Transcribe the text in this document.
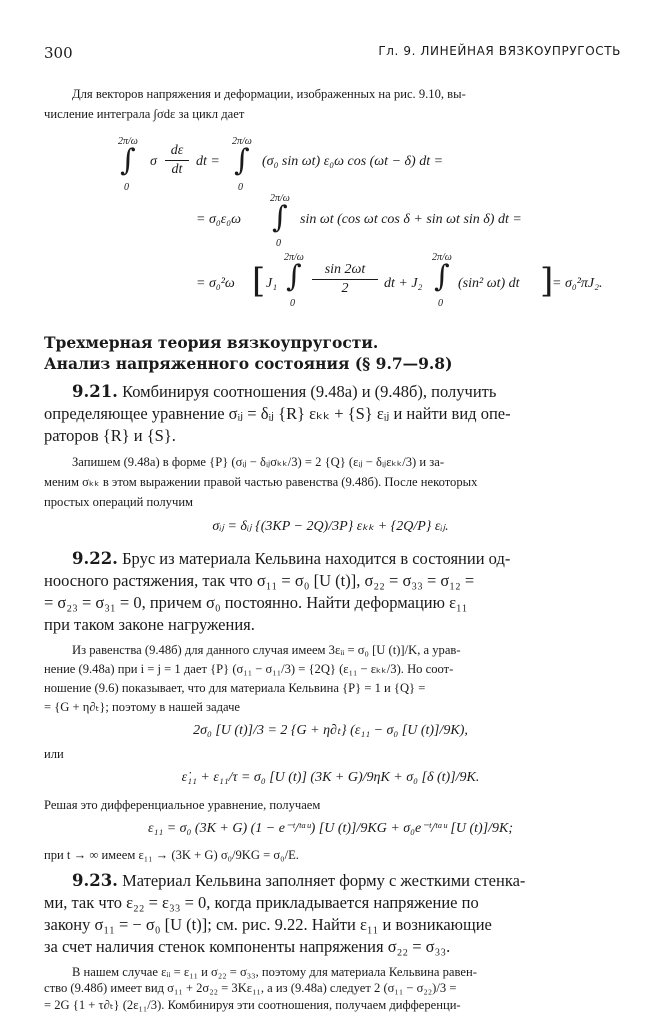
300	Гл. 9. ЛИНЕЙНАЯ ВЯЗКОУПРУГОСТЬ
Для векторов напряжения и деформации, изображенных на рис. 9.10, вы-
числение интеграла ∫σdε за цикл дает
2π/ω
∫
0
σ
dε
dt
dt =
2π/ω
∫
0
(σ₀ sin ωt) ε₀ω cos (ωt − δ) dt =
= σ₀ε₀ω
2π/ω
∫
0
sin ωt (cos ωt cos δ + sin ωt sin δ) dt =
= σ₀²ω [ J₁
2π/ω
∫
0
sin 2ωt
2	dt + J₂
2π/ω
∫
0
(sin² ωt) dt ]
= σ₀²πJ₂.
Трехмерная теория вязкоупругости.
Анализ напряженного состояния (§ 9.7—9.8)
9.21. Комбинируя соотношения (9.48a) и (9.48б), получить
определяющее уравнение σᵢⱼ = δᵢⱼ {R} εₖₖ + {S} εᵢⱼ и найти вид опе-
раторов {R} и {S}.
Запишем (9.48a) в форме {P} (σᵢⱼ − δᵢⱼσₖₖ/3) = 2 {Q} (εᵢⱼ − δᵢⱼεₖₖ/3) и за-
меним σₖₖ в этом выражении правой частью равенства (9.48б). После некоторых
простых операций получим
σᵢⱼ = δᵢⱼ {(3KP − 2Q)/3P} εₖₖ + {2Q/P} εᵢⱼ.
9.22. Брус из материала Кельвина находится в состоянии од-
ноосного растяжения, так что σ₁₁ = σ₀ [U (t)], σ₂₂ = σ₃₃ = σ₁₂ =
= σ₂₃ = σ₃₁ = 0, причем σ₀ постоянно. Найти деформацию ε₁₁
при таком законе нагружения.
Из равенства (9.48б) для данного случая имеем 3εᵢᵢ = σ₀ [U (t)]/K, а урав-
нение (9.48a) при i = j = 1 дает {P} (σ₁₁ − σ₁₁/3) = {2Q} (ε₁₁ − εₖₖ/3). Но соот-
ношение (9.6) показывает, что для материала Кельвина {P} = 1 и {Q} =
= {G + η∂ₜ}; поэтому в нашей задаче
2σ₀ [U (t)]/3 = 2 {G + η∂ₜ} (ε₁₁ − σ₀ [U (t)]/9K),
или
ε̇₁₁ + ε₁₁/τ = σ₀ [U (t)] (3K + G)/9ηK + σ₀ [δ (t)]/9K.
Решая это дифференциальное уравнение, получаем
ε₁₁ = σ₀ (3K + G) (1 − e⁻ᵗ/ᵗᵃᵘ) [U (t)]/9KG + σ₀e⁻ᵗ/ᵗᵃᵘ [U (t)]/9K;
при t → ∞ имеем ε₁₁ → (3K + G) σ₀/9KG = σ₀/E.
9.23. Материал Кельвина заполняет форму с жесткими стенка-
ми, так что ε₂₂ = ε₃₃ = 0, когда прикладывается напряжение по
закону σ₁₁ = − σ₀ [U (t)]; см. рис. 9.22. Найти ε₁₁ и возникающие
за счет наличия стенок компоненты напряжения σ₂₂ = σ₃₃.
В нашем случае εᵢᵢ = ε₁₁ и σ₂₂ = σ₃₃, поэтому для материала Кельвина равен-
ство (9.48б) имеет вид σ₁₁ + 2σ₂₂ = 3Kε₁₁, а из (9.48a) следует 2 (σ₁₁ − σ₂₂)/3 =
= 2G {1 + τ∂ₜ} (2ε₁₁/3). Комбинируя эти соотношения, получаем дифференци-
